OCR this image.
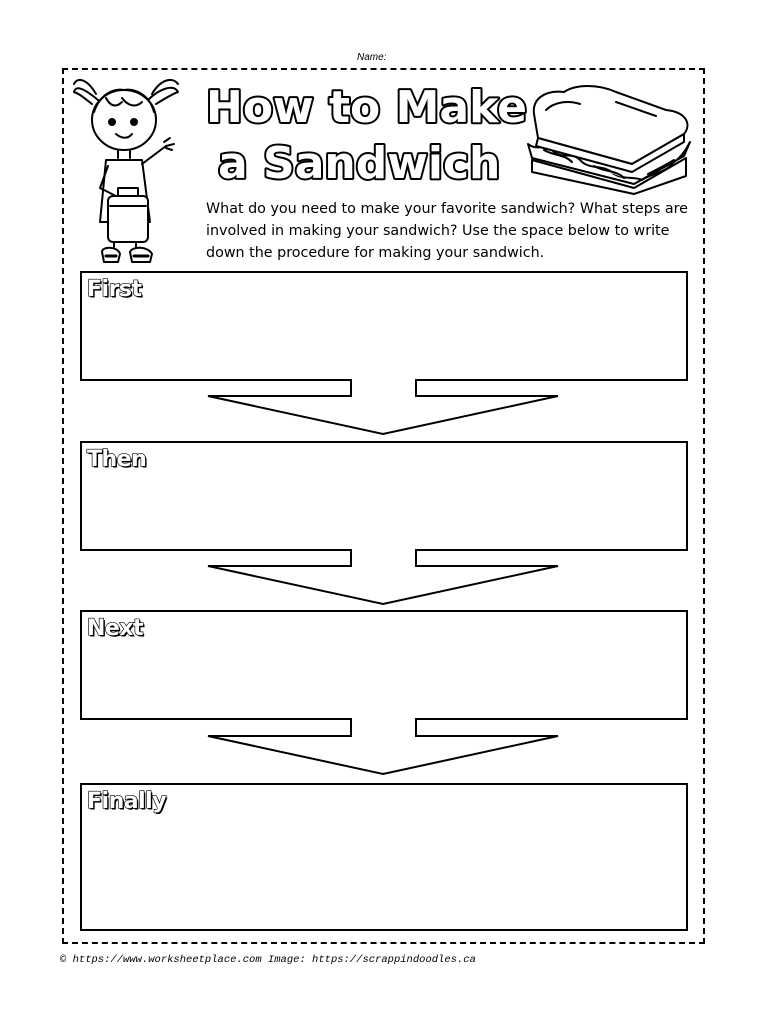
Name:
How to Make
a Sandwich
What do you need to make your favorite sandwich? What steps are involved in making your sandwich? Use the space below to write down the procedure for making your sandwich.
First
Then
Next
Finally
© https://www.worksheetplace.com Image: https://scrappindoodles.ca
